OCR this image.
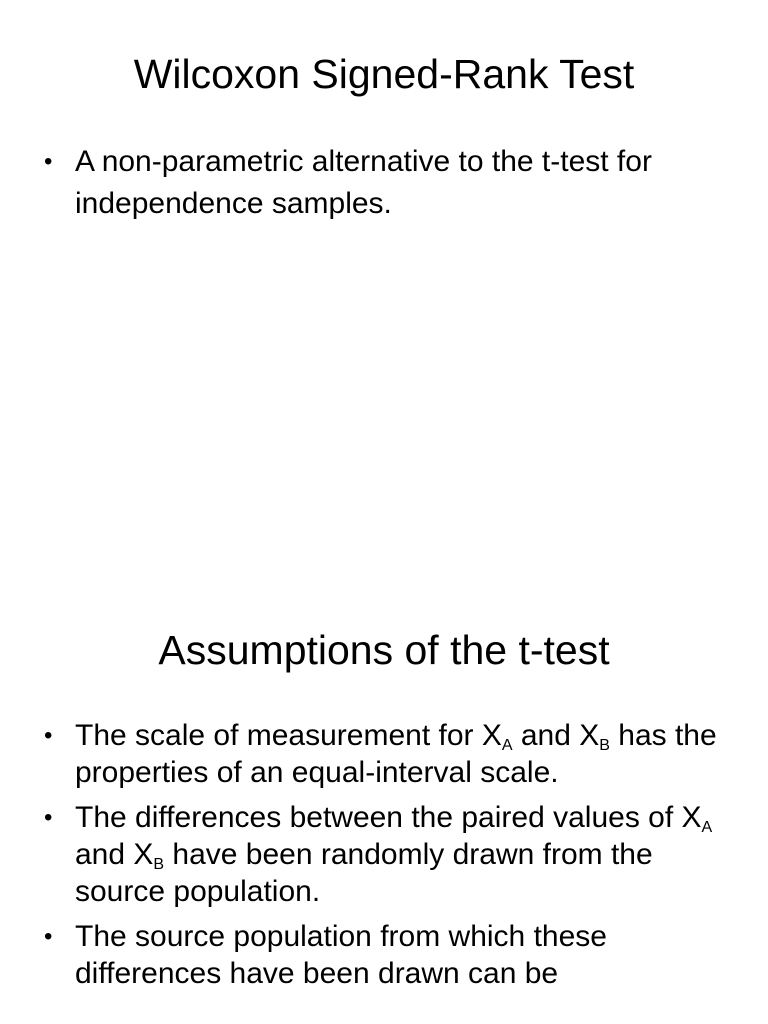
Wilcoxon Signed-Rank Test
• A non-parametric alternative to the t-test for independence samples.
Assumptions of the t-test
• The scale of measurement for $X_A$ and $X_B$ has the properties of an equal-interval scale.
• The differences between the paired values of $X_A$ and $X_B$ have been randomly drawn from the source population.
• The source population from which these differences have been drawn can be
